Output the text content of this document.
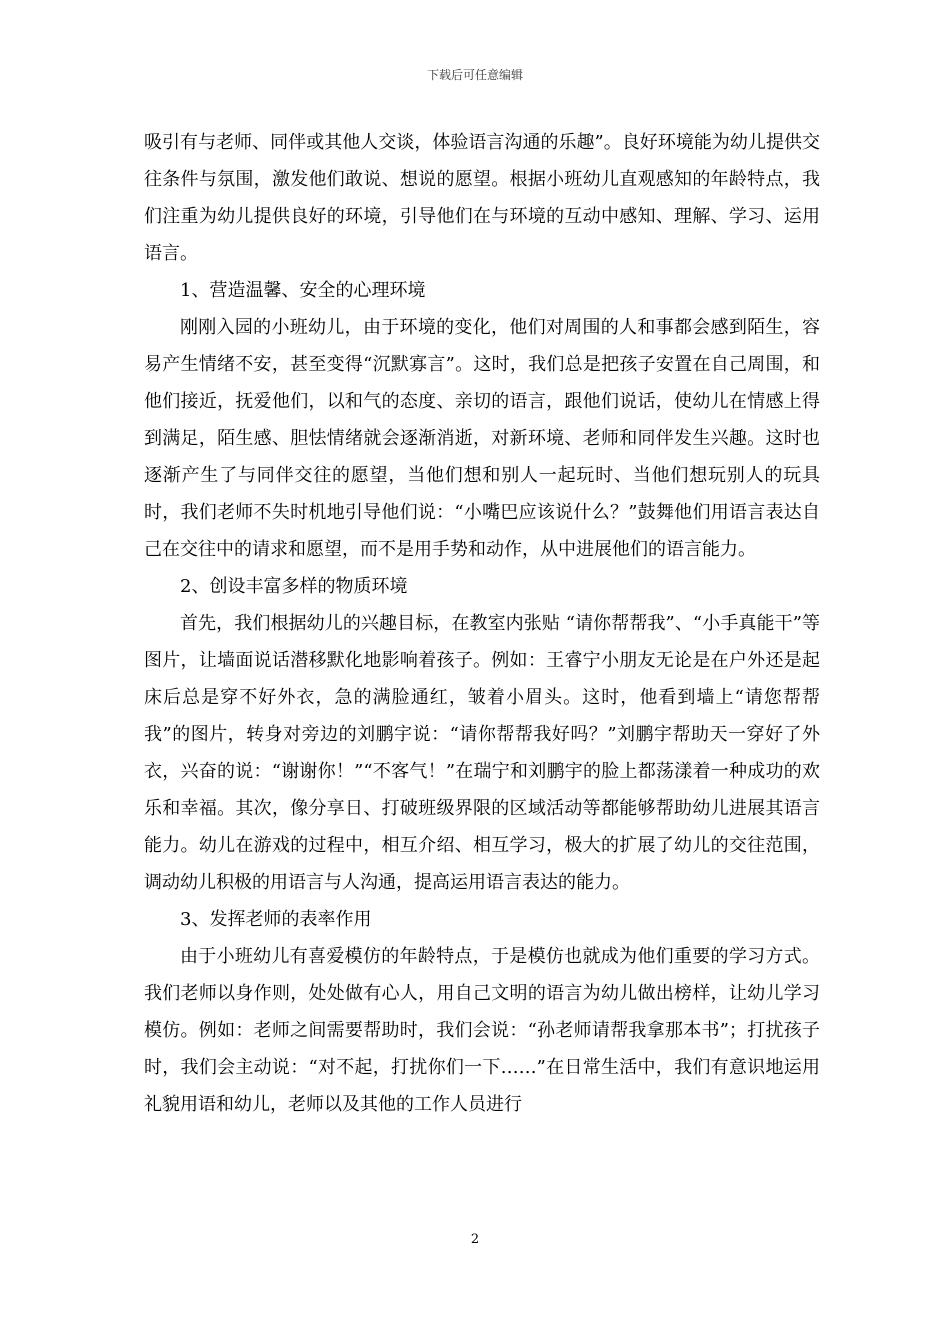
下载后可任意编辑

吸引有与老师、同伴或其他人交谈，体验语言沟通的乐趣”。良好环境能为幼儿提供交往条件与氛围，激发他们敢说、想说的愿望。根据小班幼儿直观感知的年龄特点，我们注重为幼儿提供良好的环境，引导他们在与环境的互动中感知、理解、学习、运用语言。

1、营造温馨、安全的心理环境

刚刚入园的小班幼儿，由于环境的变化，他们对周围的人和事都会感到陌生，容易产生情绪不安，甚至变得“沉默寡言”。这时，我们总是把孩子安置在自己周围，和他们接近，抚爱他们，以和气的态度、亲切的语言，跟他们说话，使幼儿在情感上得到满足，陌生感、胆怯情绪就会逐渐消逝，对新环境、老师和同伴发生兴趣。这时也逐渐产生了与同伴交往的愿望，当他们想和别人一起玩时、当他们想玩别人的玩具时，我们老师不失时机地引导他们说：“小嘴巴应该说什么？”鼓舞他们用语言表达自己在交往中的请求和愿望，而不是用手势和动作，从中进展他们的语言能力。

2、创设丰富多样的物质环境

首先，我们根据幼儿的兴趣目标，在教室内张贴 “请你帮帮我”、“小手真能干”等图片，让墙面说话潜移默化地影响着孩子。例如：王睿宁小朋友无论是在户外还是起床后总是穿不好外衣，急的满脸通红，皱着小眉头。这时，他看到墙上“请您帮帮我”的图片，转身对旁边的刘鹏宇说：“请你帮帮我好吗？”刘鹏宇帮助天一穿好了外衣，兴奋的说：“谢谢你！”“不客气！”在瑞宁和刘鹏宇的脸上都荡漾着一种成功的欢乐和幸福。其次，像分享日、打破班级界限的区域活动等都能够帮助幼儿进展其语言能力。幼儿在游戏的过程中，相互介绍、相互学习，极大的扩展了幼儿的交往范围，调动幼儿积极的用语言与人沟通，提高运用语言表达的能力。

3、发挥老师的表率作用

由于小班幼儿有喜爱模仿的年龄特点，于是模仿也就成为他们重要的学习方式。我们老师以身作则，处处做有心人，用自己文明的语言为幼儿做出榜样，让幼儿学习模仿。例如：老师之间需要帮助时，我们会说：“孙老师请帮我拿那本书”；打扰孩子时，我们会主动说：“对不起，打扰你们一下……”在日常生活中，我们有意识地运用礼貌用语和幼儿，老师以及其他的工作人员进行

2
